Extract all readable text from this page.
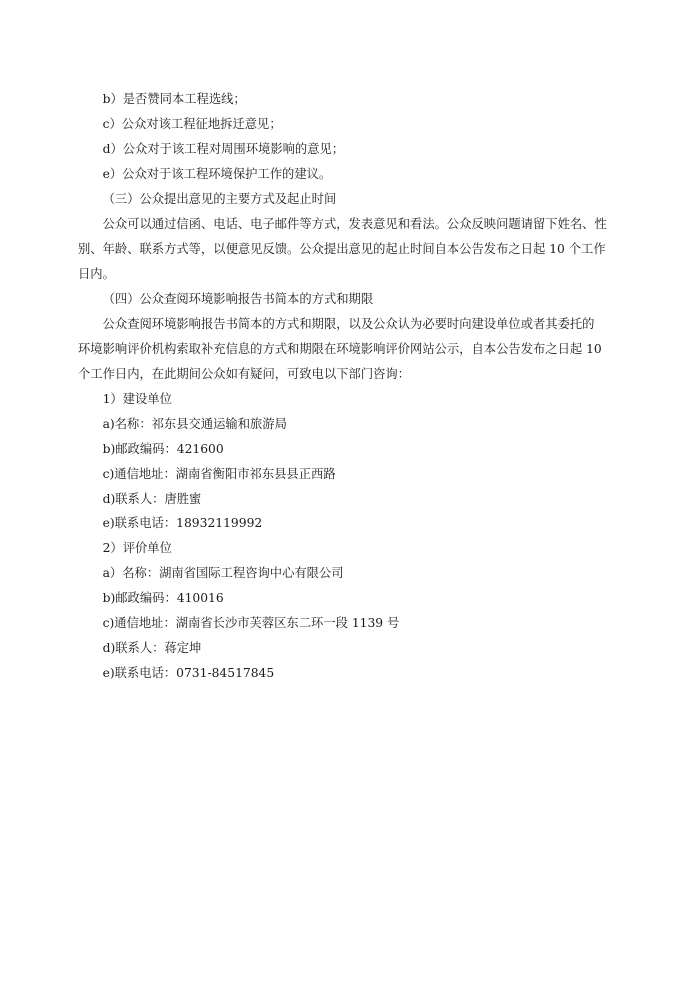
b）是否赞同本工程选线；

c）公众对该工程征地拆迁意见；

d）公众对于该工程对周围环境影响的意见；

e）公众对于该工程环境保护工作的建议。

（三）公众提出意见的主要方式及起止时间

公众可以通过信函、电话、电子邮件等方式，发表意见和看法。公众反映问题请留下姓名、性

别、年龄、联系方式等，以便意见反馈。公众提出意见的起止时间自本公告发布之日起 10 个工作

日内。

（四）公众查阅环境影响报告书简本的方式和期限

公众查阅环境影响报告书简本的方式和期限，以及公众认为必要时向建设单位或者其委托的

环境影响评价机构索取补充信息的方式和期限在环境影响评价网站公示，自本公告发布之日起 10

个工作日内，在此期间公众如有疑问，可致电以下部门咨询：

1）建设单位

a)名称：祁东县交通运输和旅游局

b)邮政编码：421600

c)通信地址：湖南省衡阳市祁东县县正西路

d)联系人：唐胜蜜

e)联系电话：18932119992

2）评价单位

a）名称：湖南省国际工程咨询中心有限公司

b)邮政编码：410016

c)通信地址：湖南省长沙市芙蓉区东二环一段 1139 号

d)联系人：蒋定坤

e)联系电话：0731-84517845
